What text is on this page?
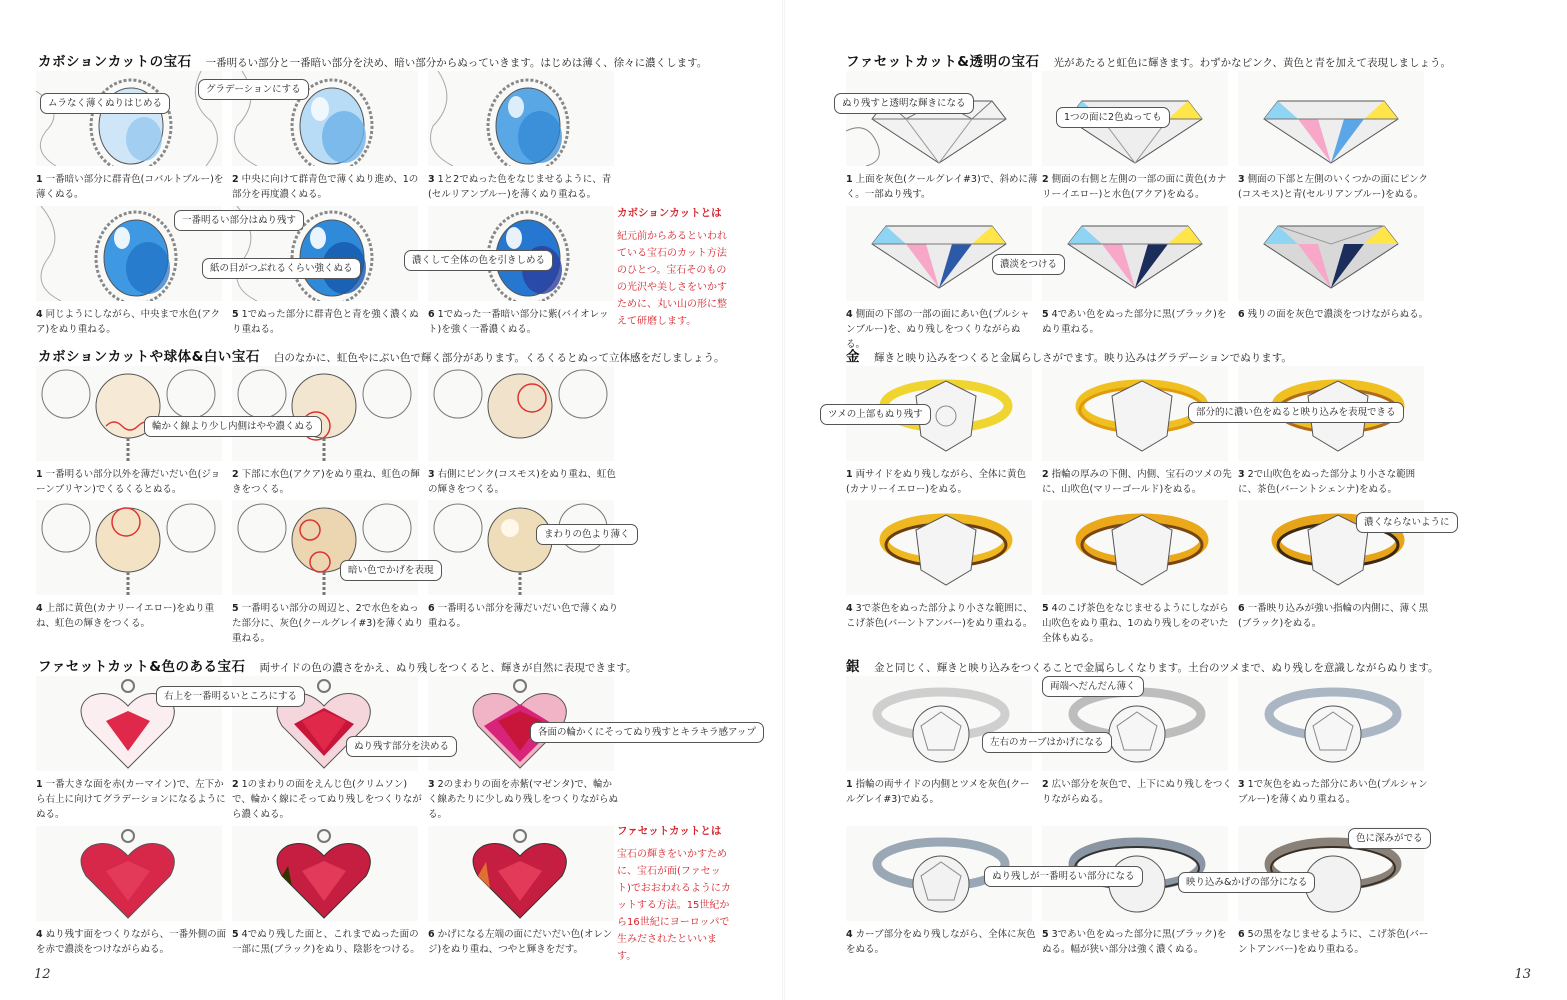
カボションカットの宝石 一番明るい部分と一番暗い部分を決め、暗い部分からぬっていきます。はじめは薄く、徐々に濃くします。
ムラなく薄くぬりはじめる
1 一番暗い部分に群青色(コバルトブルー)を薄くぬる。
グラデーションにする
2 中央に向けて群青色で薄くぬり進め、1の部分を再度濃くぬる。
3 1と2でぬった色をなじませるように、青(セルリアンブルー)を薄くぬり重ねる。
4 同じようにしながら、中央まで水色(アクア)をぬり重ねる。
一番明るい部分はぬり残す
紙の目がつぶれるくらい強くぬる
5 1でぬった部分に群青色と青を強く濃くぬり重ねる。
濃くして全体の色を引きしめる
6 1でぬった一番暗い部分に紫(バイオレット)を強く一番濃くぬる。
カボションカットとは
紀元前からあるといわれている宝石のカット方法のひとつ。宝石そのものの光沢や美しさをいかすために、丸い山の形に整えて研磨します。
カボションカットや球体&白い宝石 白のなかに、虹色やにぶい色で輝く部分があります。くるくるとぬって立体感をだしましょう。
輪かく線より少し内側はやや濃くぬる
1 一番明るい部分以外を薄だいだい色(ジョーンブリヤン)でくるくるとぬる。
2 下部に水色(アクア)をぬり重ね、虹色の輝きをつくる。
3 右側にピンク(コスモス)をぬり重ね、虹色の輝きをつくる。
4 上部に黄色(カナリーイエロー)をぬり重ね、虹色の輝きをつくる。
暗い色でかげを表現
5 一番明るい部分の周辺と、2で水色をぬった部分に、灰色(クールグレイ#3)を薄くぬり重ねる。
まわりの色より薄く
6 一番明るい部分を薄だいだい色で薄くぬり重ねる。
ファセットカット&色のある宝石 両サイドの色の濃さをかえ、ぬり残しをつくると、輝きが自然に表現できます。
右上を一番明るいところにする
1 一番大きな面を赤(カーマイン)で、左下から右上に向けてグラデーションになるようにぬる。
ぬり残す部分を決める
2 1のまわりの面をえんじ色(クリムソン)で、輪かく線にそってぬり残しをつくりながら濃くぬる。
各面の輪かくにそってぬり残すとキラキラ感アップ
3 2のまわりの面を赤紫(マゼンタ)で、輪かく線あたりに少しぬり残しをつくりながらぬる。
4 ぬり残す面をつくりながら、一番外側の面を赤で濃淡をつけながらぬる。
5 4でぬり残した面と、これまでぬった面の一部に黒(ブラック)をぬり、陰影をつける。
6 かげになる左端の面にだいだい色(オレンジ)をぬり重ね、つやと輝きをだす。
ファセットカットとは
宝石の輝きをいかすために、宝石が面(ファセット)でおおわれるようにカットする方法。15世紀から16世紀にヨーロッパで生みだされたといいます。
12
ファセットカット&透明の宝石 光があたると虹色に輝きます。わずかなピンク、黄色と青を加えて表現しましょう。
ぬり残すと透明な輝きになる
1 上面を灰色(クールグレイ#3)で、斜めに薄く。一部ぬり残す。
1つの面に2色ぬっても
2 側面の右側と左側の一部の面に黄色(カナリーイエロー)と水色(アクア)をぬる。
3 側面の下部と左側のいくつかの面にピンク(コスモス)と青(セルリアンブルー)をぬる。
4 側面の下部の一部の面にあい色(プルシャンブルー)を、ぬり残しをつくりながらぬる。
濃淡をつける
5 4であい色をぬった部分に黒(ブラック)をぬり重ねる。
6 残りの面を灰色で濃淡をつけながらぬる。
金 輝きと映り込みをつくると金属らしさがでます。映り込みはグラデーションでぬります。
ツメの上部もぬり残す
1 両サイドをぬり残しながら、全体に黄色(カナリーイエロー)をぬる。
部分的に濃い色をぬると映り込みを表現できる
2 指輪の厚みの下側、内側、宝石のツメの先に、山吹色(マリーゴールド)をぬる。
3 2で山吹色をぬった部分より小さな範囲に、茶色(バーントシェンナ)をぬる。
4 3で茶色をぬった部分より小さな範囲に、こげ茶色(バーントアンバー)をぬり重ねる。
5 4のこげ茶色をなじませるようにしながら山吹色をぬり重ね、1のぬり残しをのぞいた全体もぬる。
濃くならないように
6 一番映り込みが強い指輪の内側に、薄く黒(ブラック)をぬる。
銀 金と同じく、輝きと映り込みをつくることで金属らしくなります。土台のツメまで、ぬり残しを意識しながらぬります。
1 指輪の両サイドの内側とツメを灰色(クールグレイ#3)でぬる。
両端へだんだん薄く
左右のカーブはかげになる
2 広い部分を灰色で、上下にぬり残しをつくりながらぬる。
3 1で灰色をぬった部分にあい色(プルシャンブルー)を薄くぬり重ねる。
4 カーブ部分をぬり残しながら、全体に灰色をぬる。
ぬり残しが一番明るい部分になる
映り込み&かげの部分になる
5 3であい色をぬった部分に黒(ブラック)をぬる。幅が狭い部分は強く濃くぬる。
色に深みがでる
6 5の黒をなじませるように、こげ茶色(バーントアンバー)をぬり重ねる。
13
